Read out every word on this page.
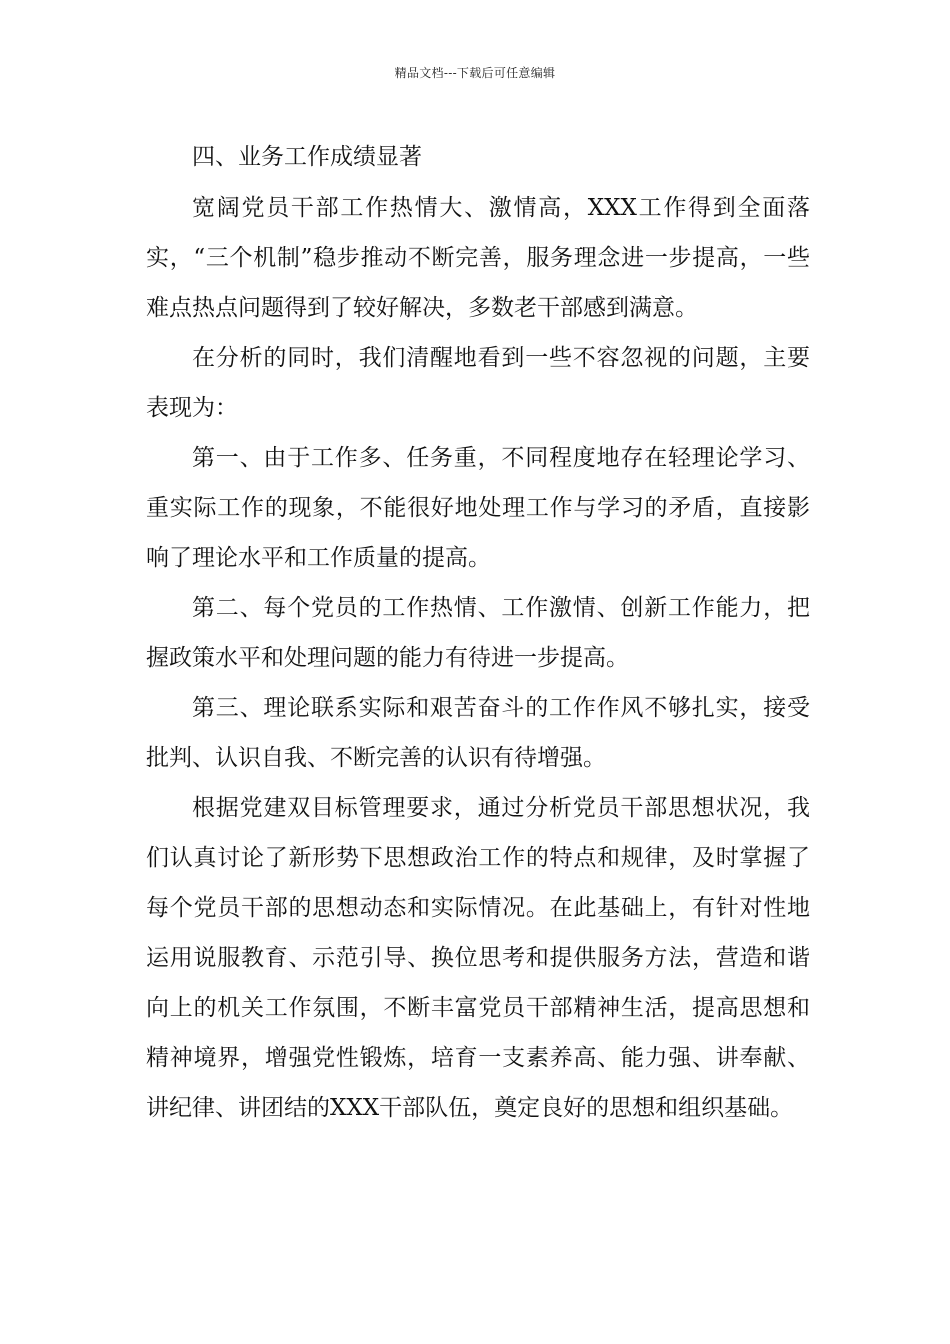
精品文档---下载后可任意编辑

四、业务工作成绩显著

宽阔党员干部工作热情大、激情高，XXX工作得到全面落实，“三个机制”稳步推动不断完善，服务理念进一步提高，一些难点热点问题得到了较好解决，多数老干部感到满意。

在分析的同时，我们清醒地看到一些不容忽视的问题，主要表现为：

第一、由于工作多、任务重，不同程度地存在轻理论学习、重实际工作的现象，不能很好地处理工作与学习的矛盾，直接影响了理论水平和工作质量的提高。

第二、每个党员的工作热情、工作激情、创新工作能力，把握政策水平和处理问题的能力有待进一步提高。

第三、理论联系实际和艰苦奋斗的工作作风不够扎实，接受批判、认识自我、不断完善的认识有待增强。

根据党建双目标管理要求，通过分析党员干部思想状况，我们认真讨论了新形势下思想政治工作的特点和规律，及时掌握了每个党员干部的思想动态和实际情况。在此基础上，有针对性地运用说服教育、示范引导、换位思考和提供服务方法，营造和谐向上的机关工作氛围，不断丰富党员干部精神生活，提高思想和精神境界，增强党性锻炼，培育一支素养高、能力强、讲奉献、讲纪律、讲团结的XXX干部队伍，奠定良好的思想和组织基础。
